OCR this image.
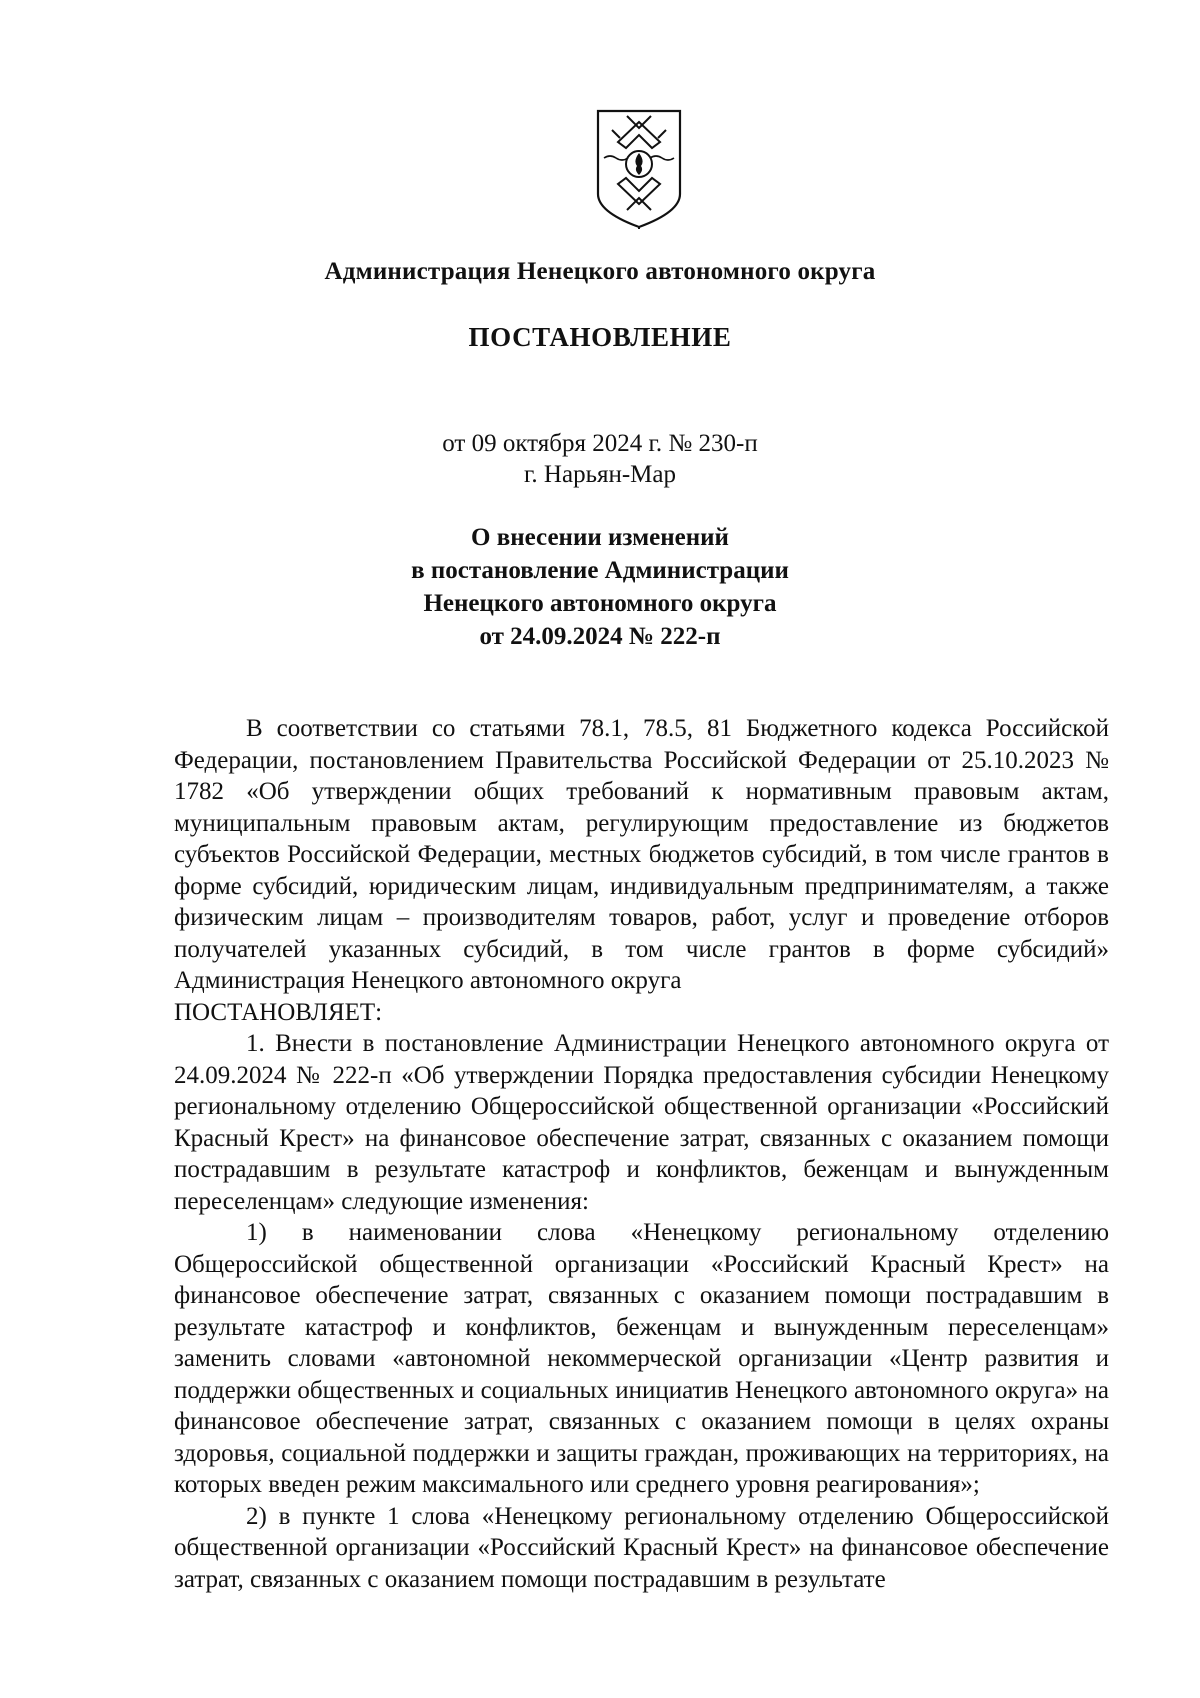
Администрация Ненецкого автономного округа
ПОСТАНОВЛЕНИЕ
от 09 октября 2024 г. № 230-п
г. Нарьян-Мар
О внесении изменений
в постановление Администрации
Ненецкого автономного округа
от 24.09.2024 № 222-п

В соответствии со статьями 78.1, 78.5, 81 Бюджетного кодекса Российской Федерации, постановлением Правительства Российской Федерации от 25.10.2023 № 1782 «Об утверждении общих требований к нормативным правовым актам, муниципальным правовым актам, регулирующим предоставление из бюджетов субъектов Российской Федерации, местных бюджетов субсидий, в том числе грантов в форме субсидий, юридическим лицам, индивидуальным предпринимателям, а также физическим лицам – производителям товаров, работ, услуг и проведение отборов получателей указанных субсидий, в том числе грантов в форме субсидий» Администрация Ненецкого автономного округа

ПОСТАНОВЛЯЕТ:

1. Внести в постановление Администрации Ненецкого автономного округа от 24.09.2024 № 222-п «Об утверждении Порядка предоставления субсидии Ненецкому региональному отделению Общероссийской общественной организации «Российский Красный Крест» на финансовое обеспечение затрат, связанных с оказанием помощи пострадавшим в результате катастроф и конфликтов, беженцам и вынужденным переселенцам» следующие изменения:

1) в наименовании слова «Ненецкому региональному отделению Общероссийской общественной организации «Российский Красный Крест» на финансовое обеспечение затрат, связанных с оказанием помощи пострадавшим в результате катастроф и конфликтов, беженцам и вынужденным переселенцам» заменить словами «автономной некоммерческой организации «Центр развития и поддержки общественных и социальных инициатив Ненецкого автономного округа» на финансовое обеспечение затрат, связанных с оказанием помощи в целях охраны здоровья, социальной поддержки и защиты граждан, проживающих на территориях, на которых введен режим максимального или среднего уровня реагирования»;

2) в пункте 1 слова «Ненецкому региональному отделению Общероссийской общественной организации «Российский Красный Крест» на финансовое обеспечение затрат, связанных с оказанием помощи пострадавшим в результате
